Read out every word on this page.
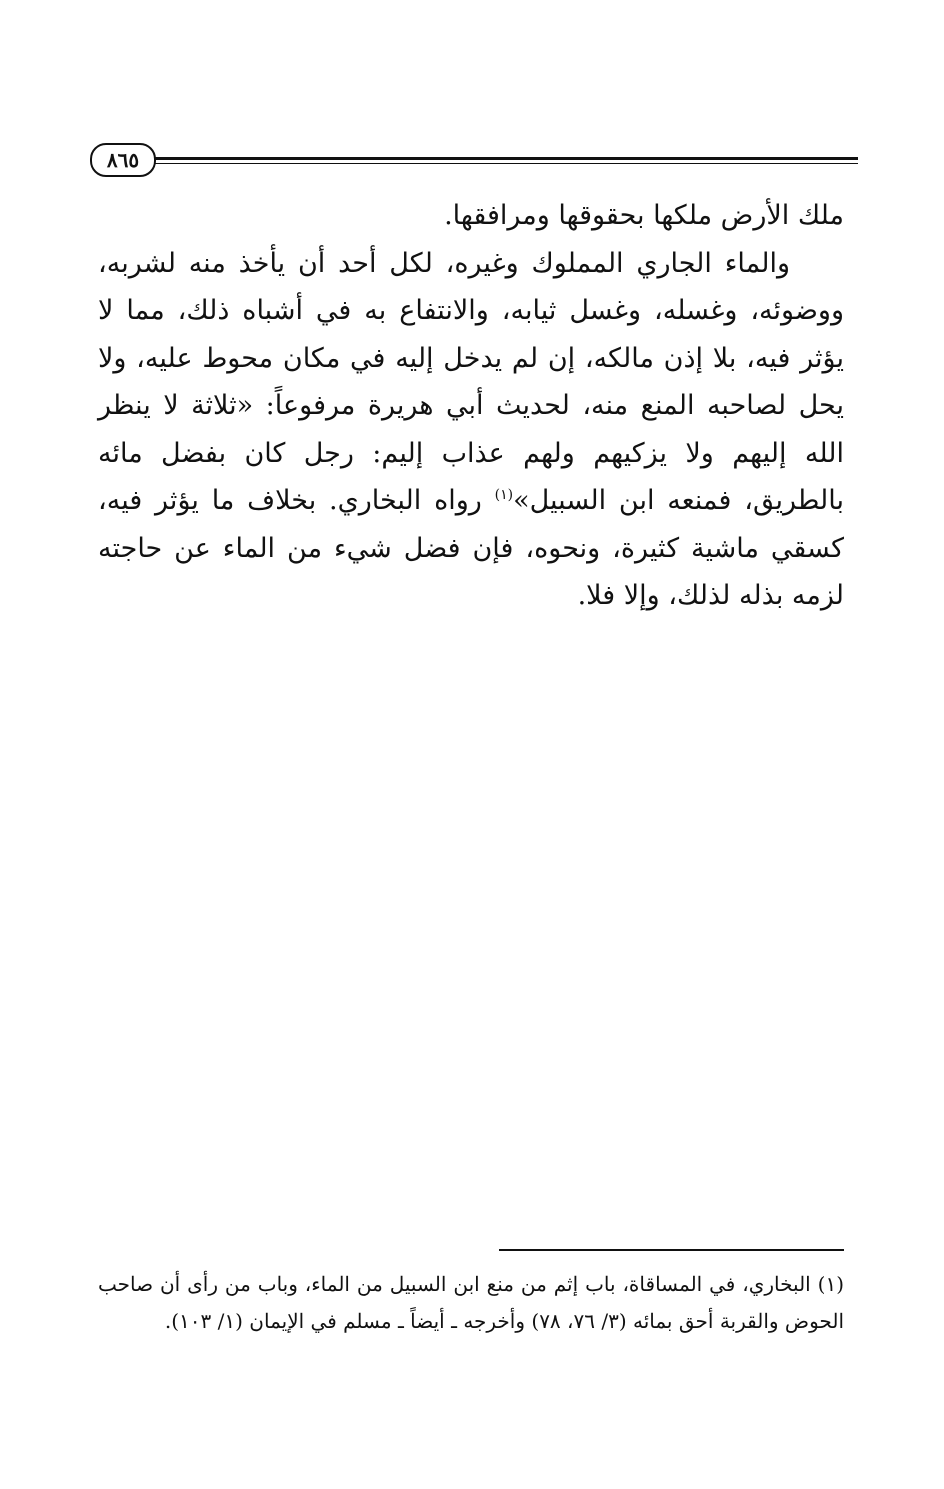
٨٦٥

ملك الأرض ملكها بحقوقها ومرافقها.

والماء الجاري المملوك وغيره، لكل أحد أن يأخذ منه لشربه، ووضوئه، وغسله، وغسل ثيابه، والانتفاع به في أشباه ذلك، مما لا يؤثر فيه، بلا إذن مالكه، إن لم يدخل إليه في مكان محوط عليه، ولا يحل لصاحبه المنع منه، لحديث أبي هريرة مرفوعاً: «ثلاثة لا ينظر الله إليهم ولا يزكيهم ولهم عذاب إليم: رجل كان بفضل مائه بالطريق، فمنعه ابن السبيل»$^{(١)}$ رواه البخاري. بخلاف ما يؤثر فيه، كسقي ماشية كثيرة، ونحوه، فإن فضل شيء من الماء عن حاجته لزمه بذله لذلك، وإلا فلا.

(١) البخاري، في المساقاة، باب إثم من منع ابن السبيل من الماء، وباب من رأى أن صاحب الحوض والقربة أحق بمائه (٣/ ٧٦، ٧٨) وأخرجه ـ أيضاً ـ مسلم في الإيمان (١/ ١٠٣).
